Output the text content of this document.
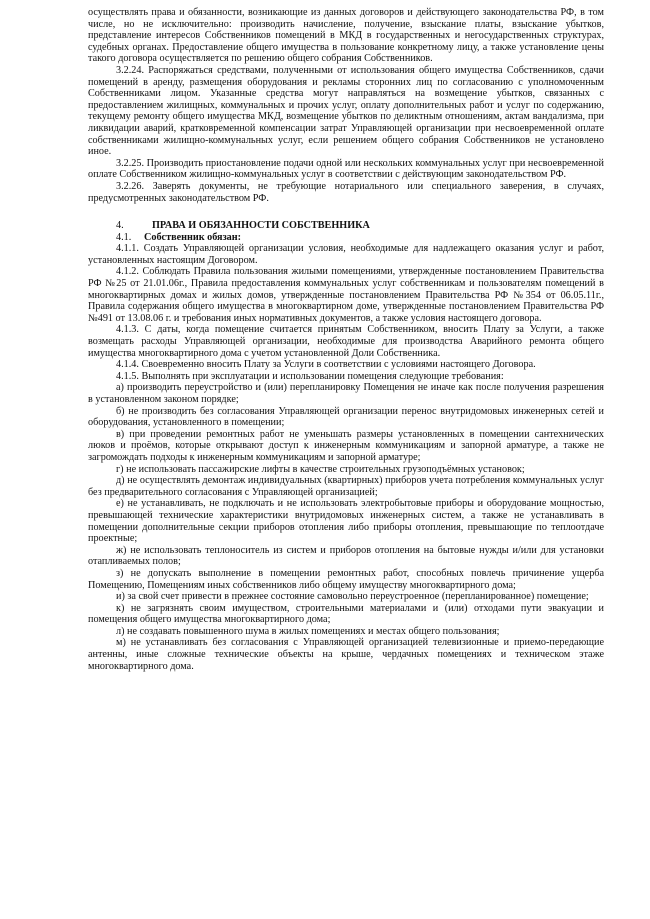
осуществлять права и обязанности, возникающие из данных договоров и действующего законодательства РФ, в том числе, но не исключительно: производить начисление, получение, взыскание платы, взыскание убытков, представление интересов Собственников помещений в МКД в государственных и негосударственных структурах, судебных органах. Предоставление общего имущества в пользование конкретному лицу, а также установление цены такого договора осуществляется по решению общего собрания Собственников.

3.2.24. Распоряжаться средствами, полученными от использования общего имущества Собственников, сдачи помещений в аренду, размещения оборудования и рекламы сторонних лиц по согласованию с уполномоченным Собственниками лицом. Указанные средства могут направляться на возмещение убытков, связанных с предоставлением жилищных, коммунальных и прочих услуг, оплату дополнительных работ и услуг по содержанию, текущему ремонту общего имущества МКД, возмещение убытков по деликтным отношениям, актам вандализма, при ликвидации аварий, кратковременной компенсации затрат Управляющей организации при несвоевременной оплате собственниками жилищно-коммунальных услуг, если решением общего собрания Собственников не установлено иное.

3.2.25. Производить приостановление подачи одной или нескольких коммунальных услуг при несвоевременной оплате Собственником жилищно-коммунальных услуг в соответствии с действующим законодательством РФ.

3.2.26. Заверять документы, не требующие нотариального или специального заверения, в случаях, предусмотренных законодательством РФ.

4.	ПРАВА И ОБЯЗАННОСТИ СОБСТВЕННИКА

4.1. Собственник обязан:

4.1.1. Создать Управляющей организации условия, необходимые для надлежащего оказания услуг и работ, установленных настоящим Договором.

4.1.2. Соблюдать Правила пользования жилыми помещениями, утвержденные постановлением Правительства РФ №25 от 21.01.06г., Правила предоставления коммунальных услуг собственникам и пользователям помещений в многоквартирных домах и жилых домов, утвержденные постановлением Правительства РФ №354 от 06.05.11г., Правила содержания общего имущества в многоквартирном доме, утвержденные постановлением Правительства РФ №491 от 13.08.06 г. и требования иных нормативных документов, а также условия настоящего договора.

4.1.3. С даты, когда помещение считается принятым Собственником, вносить Плату за Услуги, а также возмещать расходы Управляющей организации, необходимые для производства Аварийного ремонта общего имущества многоквартирного дома с учетом установленной Доли Собственника.

4.1.4. Своевременно вносить Плату за Услуги в соответствии с условиями настоящего Договора.

4.1.5. Выполнять при эксплуатации и использовании помещения следующие требования:

а) производить переустройство и (или) перепланировку Помещения не иначе как после получения разрешения в установленном законом порядке;

б) не производить без согласования Управляющей организации перенос внутридомовых инженерных сетей и оборудования, установленного в помещении;

в) при проведении ремонтных работ не уменьшать размеры установленных в помещении сантехнических люков и проёмов, которые открывают доступ к инженерным коммуникациям и запорной арматуре, а также не загромождать подходы к инженерным коммуникациям и запорной арматуре;

г) не использовать пассажирские лифты в качестве строительных грузоподъёмных установок;

д) не осуществлять демонтаж индивидуальных (квартирных) приборов учета потребления коммунальных услуг без предварительного согласования с Управляющей организацией;

е) не устанавливать, не подключать и не использовать электробытовые приборы и оборудование мощностью, превышающей технические характеристики внутридомовых инженерных систем, а также не устанавливать в помещении дополнительные секции приборов отопления либо приборы отопления, превышающие по теплоотдаче проектные;

ж) не использовать теплоноситель из систем и приборов отопления на бытовые нужды и/или для установки отапливаемых полов;

з) не допускать выполнение в помещении ремонтных работ, способных повлечь причинение ущерба Помещению, Помещениям иных собственников либо общему имуществу многоквартирного дома;

и) за свой счет привести в прежнее состояние самовольно переустроенное (перепланированное) помещение;

к) не загрязнять своим имуществом, строительными материалами и (или) отходами пути эвакуации и помещения общего имущества многоквартирного дома;

л) не создавать повышенного шума в жилых помещениях и местах общего пользования;

м) не устанавливать без согласования с Управляющей организацией телевизионные и приемо-передающие антенны, иные сложные технические объекты на крыше, чердачных помещениях и техническом этаже многоквартирного дома.
